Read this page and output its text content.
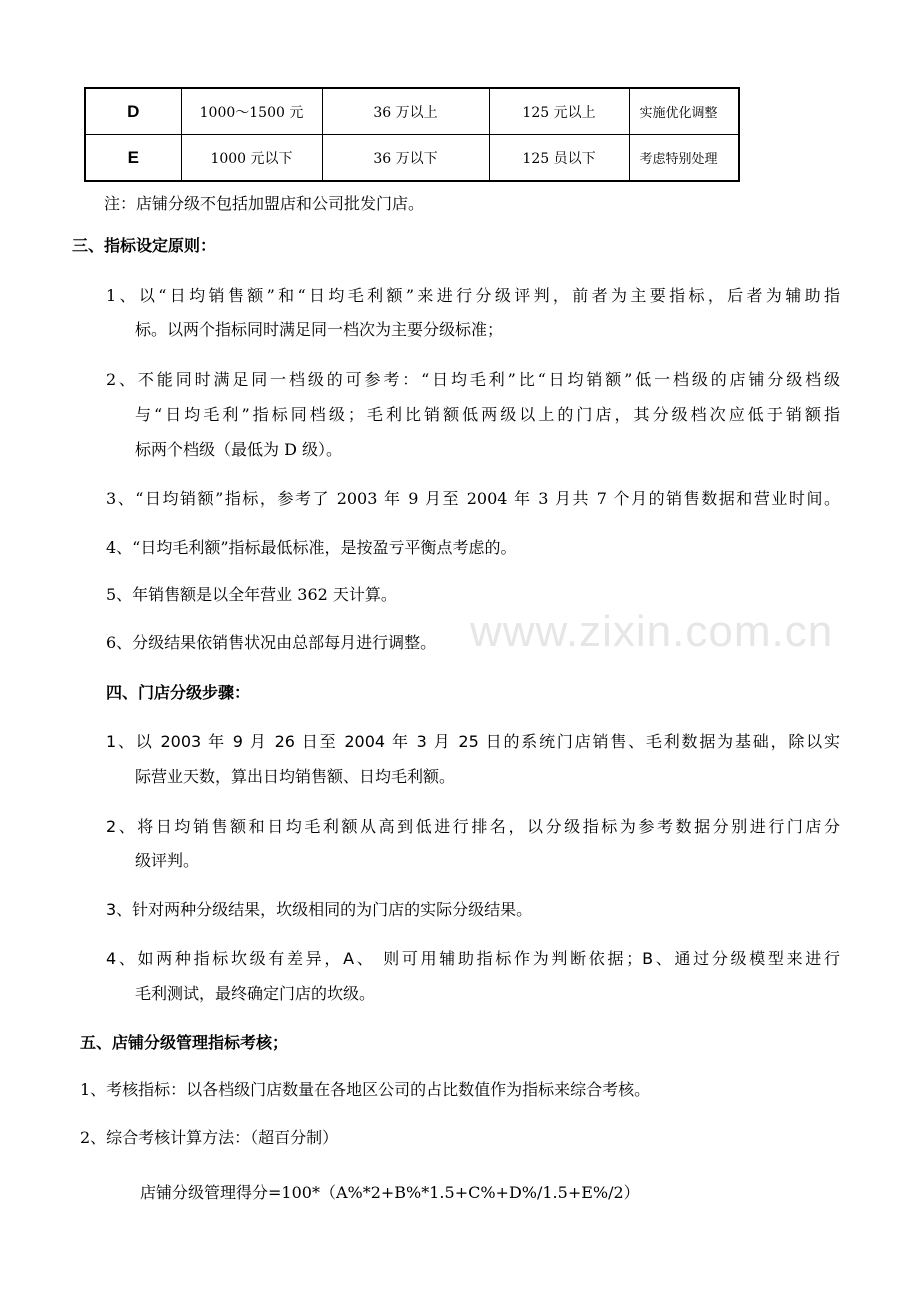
www.zixin.com.cn
D	1000～1500 元	36 万以上	125 元以上	实施优化调整
E	1000 元以下	36 万以下	125 员以下	考虑特别处理
注：店铺分级不包括加盟店和公司批发门店。
三、指标设定原则：
1、以“日均销售额”和“日均毛利额”来进行分级评判，前者为主要指标，后者为辅助指
标。以两个指标同时满足同一档次为主要分级标准；
2、不能同时满足同一档级的可参考：“日均毛利”比“日均销额”低一档级的店铺分级档级
与“日均毛利”指标同档级；毛利比销额低两级以上的门店，其分级档次应低于销额指
标两个档级（最低为 D 级）。
3、“日均销额”指标，参考了 2003 年 9 月至 2004 年 3 月共 7 个月的销售数据和营业时间。
4、“日均毛利额”指标最低标准，是按盈亏平衡点考虑的。
5、年销售额是以全年营业 362 天计算。
6、分级结果依销售状况由总部每月进行调整。
四、门店分级步骤：
1、以 2003 年 9 月 26 日至 2004 年 3 月 25 日的系统门店销售、毛利数据为基础，除以实
际营业天数，算出日均销售额、日均毛利额。
2、将日均销售额和日均毛利额从高到低进行排名，以分级指标为参考数据分别进行门店分
级评判。
3、针对两种分级结果，坎级相同的为门店的实际分级结果。
4、如两种指标坎级有差异，A、 则可用辅助指标作为判断依据；B、通过分级模型来进行
毛利测试，最终确定门店的坎级。
五、店铺分级管理指标考核；
1、考核指标：以各档级门店数量在各地区公司的占比数值作为指标来综合考核。
2、综合考核计算方法：（超百分制）
店铺分级管理得分=100*（A%*2+B%*1.5+C%+D%/1.5+E%/2）
